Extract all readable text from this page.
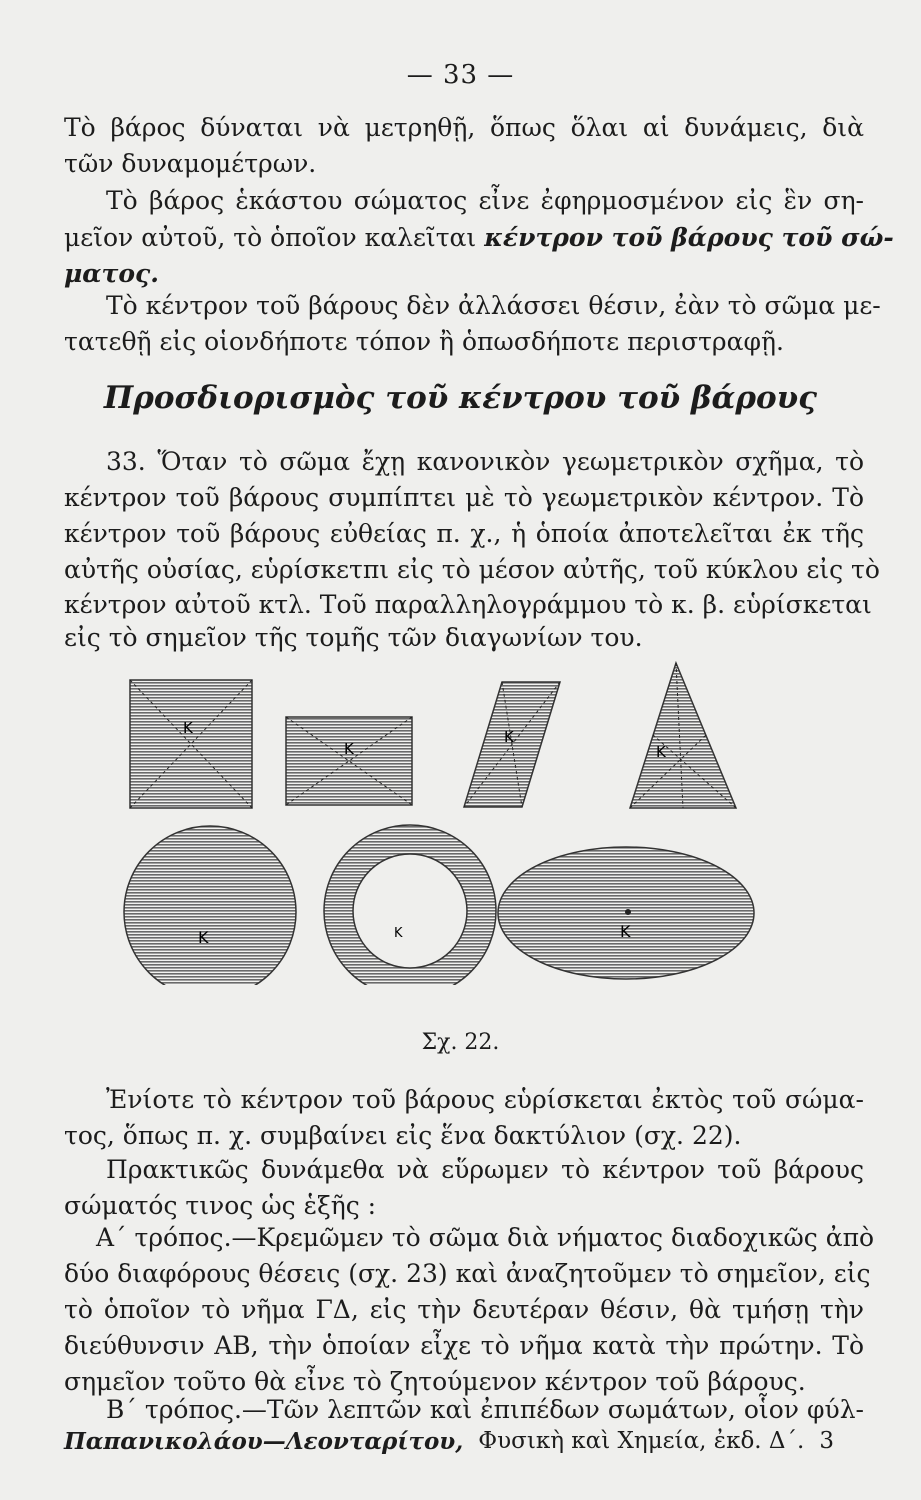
— 33 —
Τὸ βάρος δύναται νὰ μετρηθῇ, ὅπως ὅλαι αἱ δυνάμεις, διὰ
τῶν δυναμομέτρων.
Τὸ βάρος ἑκάστου σώματος εἶνε ἐφηρμοσμένον εἰς ἓν ση-
μεῖον αὐτοῦ, τὸ ὁποῖον καλεῖται κέντρον τοῦ βάρους τοῦ σώ-
ματος.
Τὸ κέντρον τοῦ βάρους δὲν ἀλλάσσει θέσιν, ἐὰν τὸ σῶμα με-
τατεθῇ εἰς οἱονδήποτε τόπον ἢ ὁπωσδήποτε περιστραφῇ.
Προσδιορισμὸς τοῦ κέντρου τοῦ βάρους
33. Ὅταν τὸ σῶμα ἔχῃ κανονικὸν γεωμετρικὸν σχῆμα, τὸ
κέντρον τοῦ βάρους συμπίπτει μὲ τὸ γεωμετρικὸν κέντρον. Τὸ
κέντρον τοῦ βάρους εὐθείας π. χ., ἡ ὁποία ἀποτελεῖται ἐκ τῆς
αὐτῆς οὐσίας, εὑρίσκετπι εἰς τὸ μέσον αὐτῆς, τοῦ κύκλου εἰς τὸ
κέντρον αὐτοῦ κτλ. Τοῦ παραλληλογράμμου τὸ κ. β. εὑρίσκεται
εἰς τὸ σημεῖον τῆς τομῆς τῶν διαγωνίων του.
K
K
K
K
K	K	K
Σχ. 22.
Ἐνίοτε τὸ κέντρον τοῦ βάρους εὑρίσκεται ἐκτὸς τοῦ σώμα-
τος, ὅπως π. χ. συμβαίνει εἰς ἕνα δακτύλιον (σχ. 22).
Πρακτικῶς δυνάμεθα νὰ εὕρωμεν τὸ κέντρον τοῦ βάρους
σώματός τινος ὡς ἑξῆς :
Α΄ τρόπος.—Κρεμῶμεν τὸ σῶμα διὰ νήματος διαδοχικῶς ἀπὸ
δύο διαφόρους θέσεις (σχ. 23) καὶ ἀναζητοῦμεν τὸ σημεῖον, εἰς
τὸ ὁποῖον τὸ νῆμα ΓΔ, εἰς τὴν δευτέραν θέσιν, θὰ τμήσῃ τὴν
διεύθυνσιν ΑΒ, τὴν ὁποίαν εἶχε τὸ νῆμα κατὰ τὴν πρώτην. Τὸ
σημεῖον τοῦτο θὰ εἶνε τὸ ζητούμενον κέντρον τοῦ βάρους.
Β΄ τρόπος.—Τῶν λεπτῶν καὶ ἐπιπέδων σωμάτων, οἷον φύλ-
Παπανικολάου—Λεονταρίτου, Φυσικὴ καὶ Χημεία, ἐκδ. Δ΄. 3
